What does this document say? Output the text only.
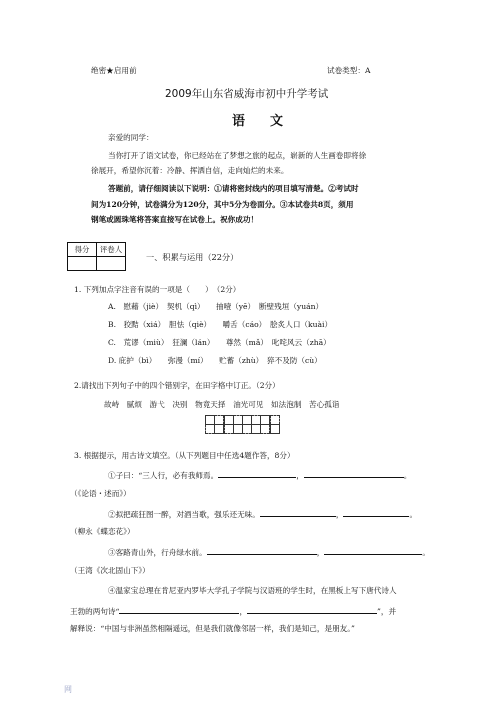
绝密★启用前	试卷类型：A
2009年山东省威海市初中升学考试
语　文
亲爱的同学：
当你打开了语文试卷，你已经站在了梦想之旅的起点，崭新的人生画卷即将徐
徐展开，希望你沉着：冷静、挥洒自信，走向灿烂的未来。
答题前，请仔细阅读以下说明：①请将密封线内的项目填写清楚。②考试时
间为120分钟，试卷满分为120分，其中5分为卷面分。③本试卷共8页，须用
钢笔或圆珠笔将答案直接写在试卷上。祝你成功！
得分	评卷人

一、积累与运用（22分）
1. 下列加点字注音有误的一项是（　　）　（2分）
A.　慰藉（jiè）　契机（qì）　　抽噎（yē）　断壁残垣（yuán）
B.　狡黠（xiá）　胆怯（qiè）　　嚼舌（cáo）　脍炙人口（kuài）
C.　荒谬（miù）　狂澜（lán）　　尊然（mǎ）　叱咤风云（zhā）
D. 庇护（bì）　　弥漫（mí）　　贮蓄（zhù）　猝不及防（cù）
2.请找出下列句子中的四个错别字，在田字格中订正。（2分）
故峙　腻烦　游弋　决别　物竟天择　油光可见　如法泡制　苦心孤诣
3. 根据提示，用古诗文填空。（从下列题目中任选4题作答，8分）
①子曰：“三人行，必有我师焉。	，	。
（《论语・述而》）
②拟把疏狂图一醉，对酒当歌，强乐还无味。	，	。
（柳永《蝶恋花》）
③客路青山外，行舟绿水前。	，	。
（王湾《次北固山下》）
④温家宝总理在肯尼亚内罗毕大学孔子学院与汉语班的学生时，在黑板上写下唐代诗人
王勃的两句诗“	，	”，并
解释说：“中国与非洲虽然相隔遥远，但是我们就像邻居一样，我们是知己，是朋友。”
网
